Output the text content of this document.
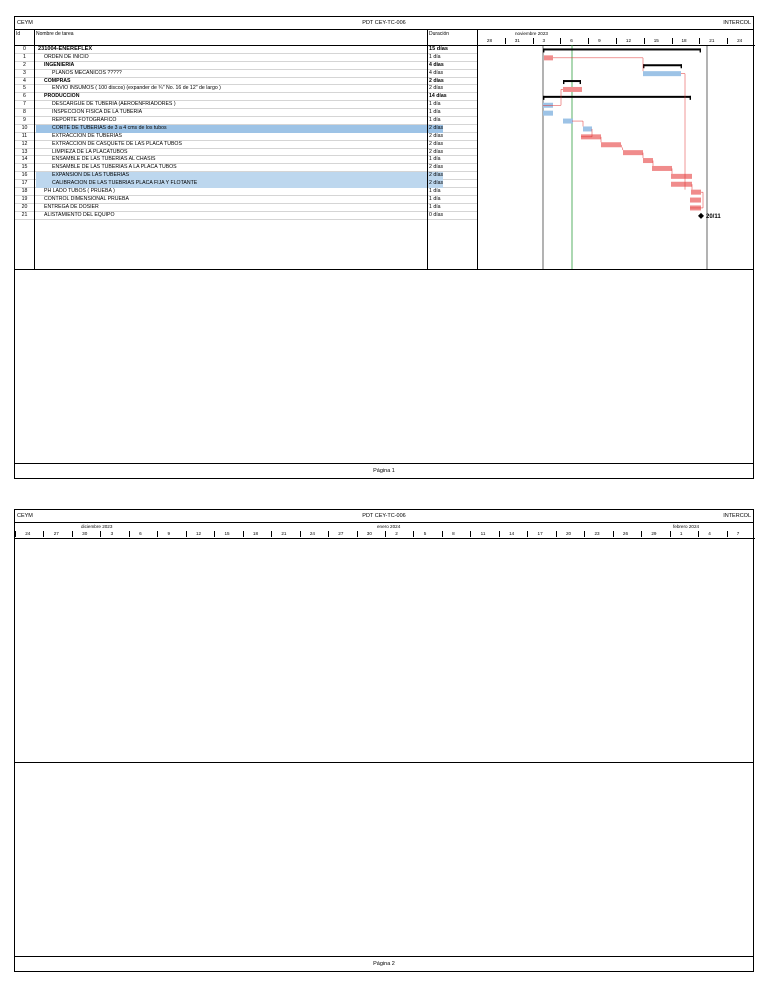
CEYM	PDT CEY-TC-006	INTERCOL
Id	Nombre de tarea	Duración
0	231004-ENEREFLEX	15 días
1	ORDEN DE INICIO	1 día
2	INGENIERIA	4 días
3	PLANOS MECÁNICOS ?????	4 días
4	COMPRAS	2 días
5	ENVIO INSUMOS ( 100 discos) (expander de ¾" No. 16 de 12" de largo )	2 días
6	PRODUCCION	14 días
7	DESCARGUE DE TUBERIA (AEROENFRIADORES )	1 día
8	INSPECCION FISICA DE LA TUBERIA	1 día
9	REPORTE FOTOGRAFICO	1 día
10	CORTE DE TUBERIAS de 3 a 4 cms de los tubos	2 días
11	EXTRACCION DE TUBERIAS	2 días
12	EXTRACCION DE CASQUETE DE LAS PLACA TUBOS	2 días
13	LIMPIEZA DE LA PLACATUBOS	2 días
14	ENSAMBLE DE LAS TUBERIAS AL CHASIS	1 día
15	ENSAMBLE DE LAS TUBERIAS A LA PLACA TUBOS	2 días
16	EXPANSION DE LAS TUBERIAS	2 días
17	CALIBRACION DE LAS TUEBRIAS PLACA FIJA Y FLOTANTE	2 días
18	PH LADO TUBOS ( PRUEBA )	1 día
19	CONTROL DIMENSIONAL PRUEBA	1 día
20	ENTREGA DE DOSIER	1 día
21	ALISTAMIENTO DEL EQUIPO	0 días
noviembre 2023
28	31	3	6	9	12	15	18	21	24
20/11
Página 1
CEYM	PDT CEY-TC-006	INTERCOL
diciembre 2023	enero 2024	febrero 2024
24	27	30	3	6	9	12	15	18	21	24	27	30	2	5	8	11	14	17	20	23	26	29	1	4	7
Página 2
